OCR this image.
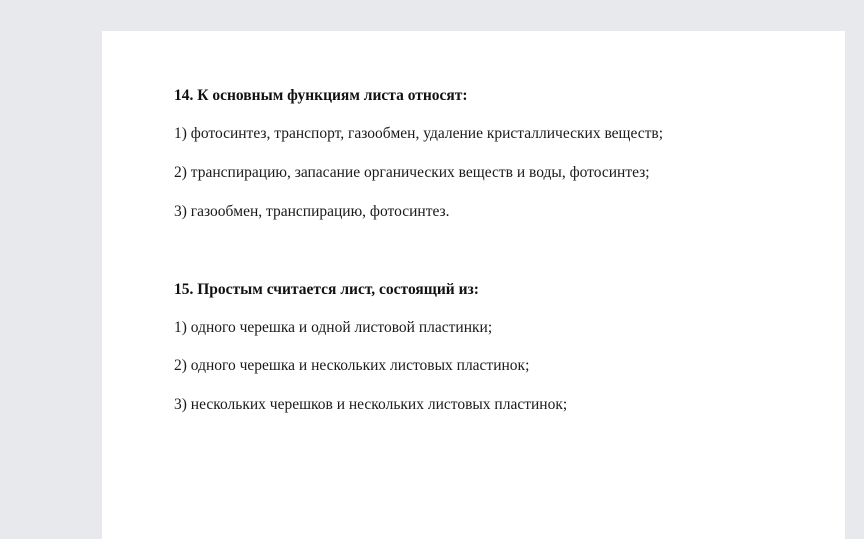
14. К основным функциям листа относят:

1) фотосинтез, транспорт, газообмен, удаление кристаллических веществ;

2) транспирацию, запасание органических веществ и воды, фотосинтез;

3) газообмен, транспирацию, фотосинтез.

15. Простым считается лист, состоящий из:

1) одного черешка и одной листовой пластинки;

2) одного черешка и нескольких листовых пластинок;

3) нескольких черешков и нескольких листовых пластинок;
